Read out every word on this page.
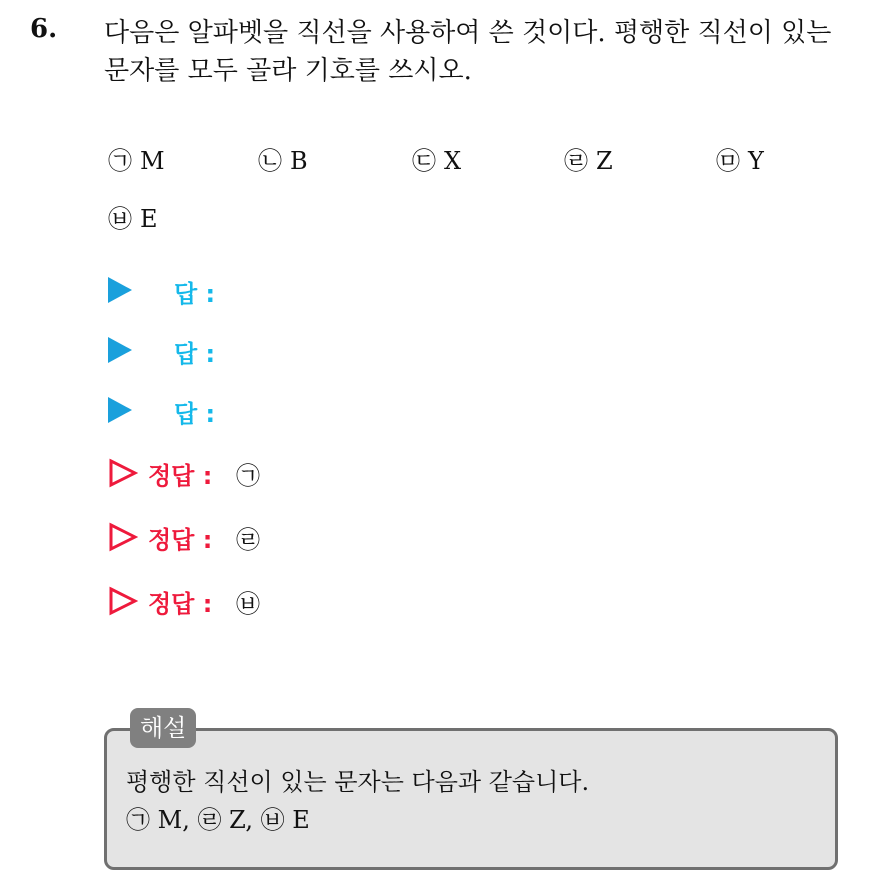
6. 다음은 알파벳을 직선을 사용하여 쓴 것이다. 평행한 직선이 있는
문자를 모두 골라 기호를 쓰시오.
㉠ M	㉡ B	㉢ X	㉣ Z	㉤ Y
㉥ E
답 :
답 :
답 :
정답 : ㉠
정답 : ㉣
정답 : ㉥
해설
평행한 직선이 있는 문자는 다음과 같습니다.
㉠ M, ㉣ Z, ㉥ E
